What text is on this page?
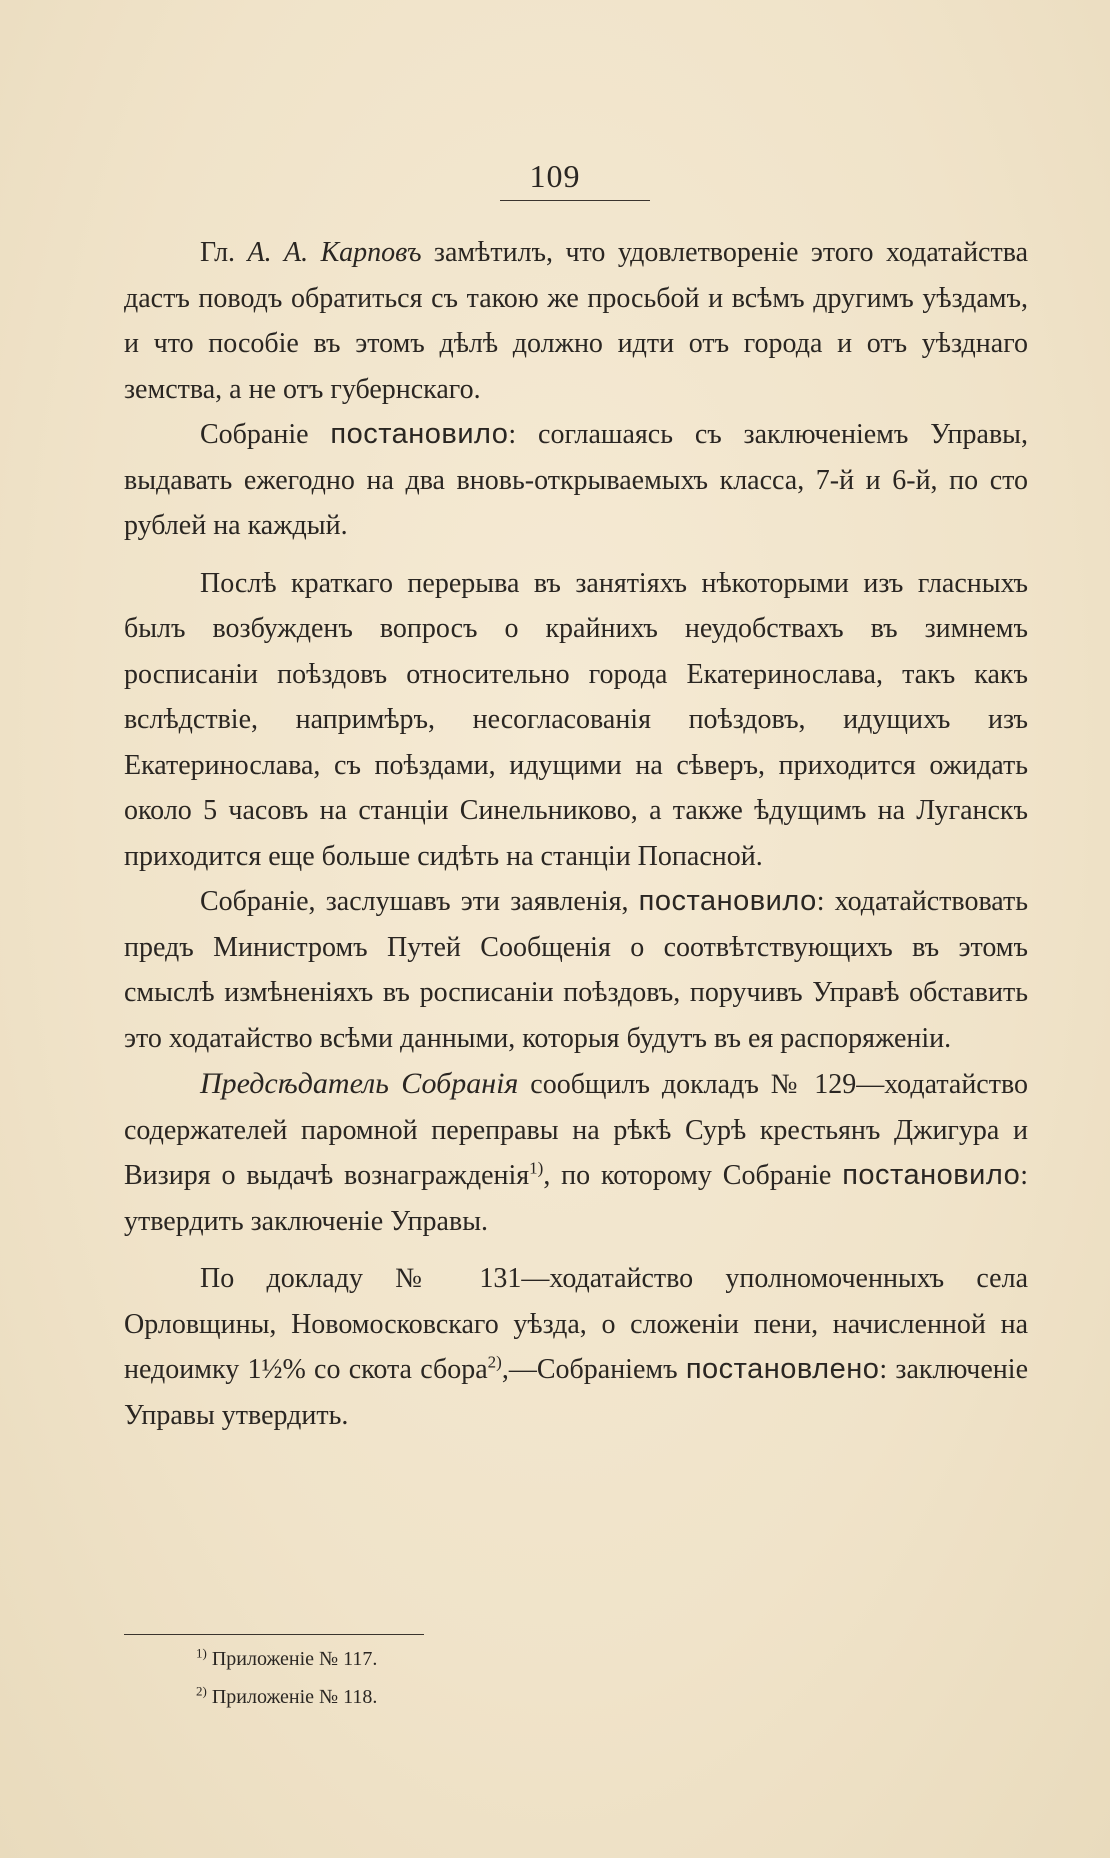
109

Гл. А. А. Карповъ замѣтилъ, что удовлетвореніе этого ходатайства дастъ поводъ обратиться съ такою же просьбой и всѣмъ другимъ уѣздамъ, и что пособіе въ этомъ дѣлѣ должно идти отъ города и отъ уѣзднаго земства, а не отъ губернскаго.

Собраніе постановило: соглашаясь съ заключеніемъ Управы, выдавать ежегодно на два вновь-открываемыхъ класса, 7-й и 6-й, по сто рублей на каждый.

Послѣ краткаго перерыва въ занятіяхъ нѣкоторыми изъ гласныхъ былъ возбужденъ вопросъ о крайнихъ неудобствахъ въ зимнемъ росписаніи поѣздовъ относительно города Екатеринослава, такъ какъ вслѣдствіе, напримѣръ, несогласованія поѣздовъ, идущихъ изъ Екатеринослава, съ поѣздами, идущими на сѣверъ, приходится ожидать около 5 часовъ на станціи Синельниково, а также ѣдущимъ на Луганскъ приходится еще больше сидѣть на станціи Попасной.

Собраніе, заслушавъ эти заявленія, постановило: ходатайствовать предъ Министромъ Путей Сообщенія о соотвѣтствующихъ въ этомъ смыслѣ измѣненіяхъ въ росписаніи поѣздовъ, поручивъ Управѣ обставить это ходатайство всѣми данными, которыя будутъ въ ея распоряженіи.

Предсѣдатель Собранія сообщилъ докладъ № 129—ходатайство содержателей паромной переправы на рѣкѣ Сурѣ крестьянъ Джигура и Визиря о выдачѣ вознагражденія$^{1)}$, по которому Собраніе постановило: утвердить заключеніе Управы.

По докладу № 131—ходатайство уполномоченныхъ села Орловщины, Новомосковскаго уѣзда, о сложеніи пени, начисленной на недоимку 1½% со скота сбора$^{2)}$,—Собраніемъ постановлено: заключеніе Управы утвердить.

$^{1)}$ Приложеніе № 117.

$^{2)}$ Приложеніе № 118.
